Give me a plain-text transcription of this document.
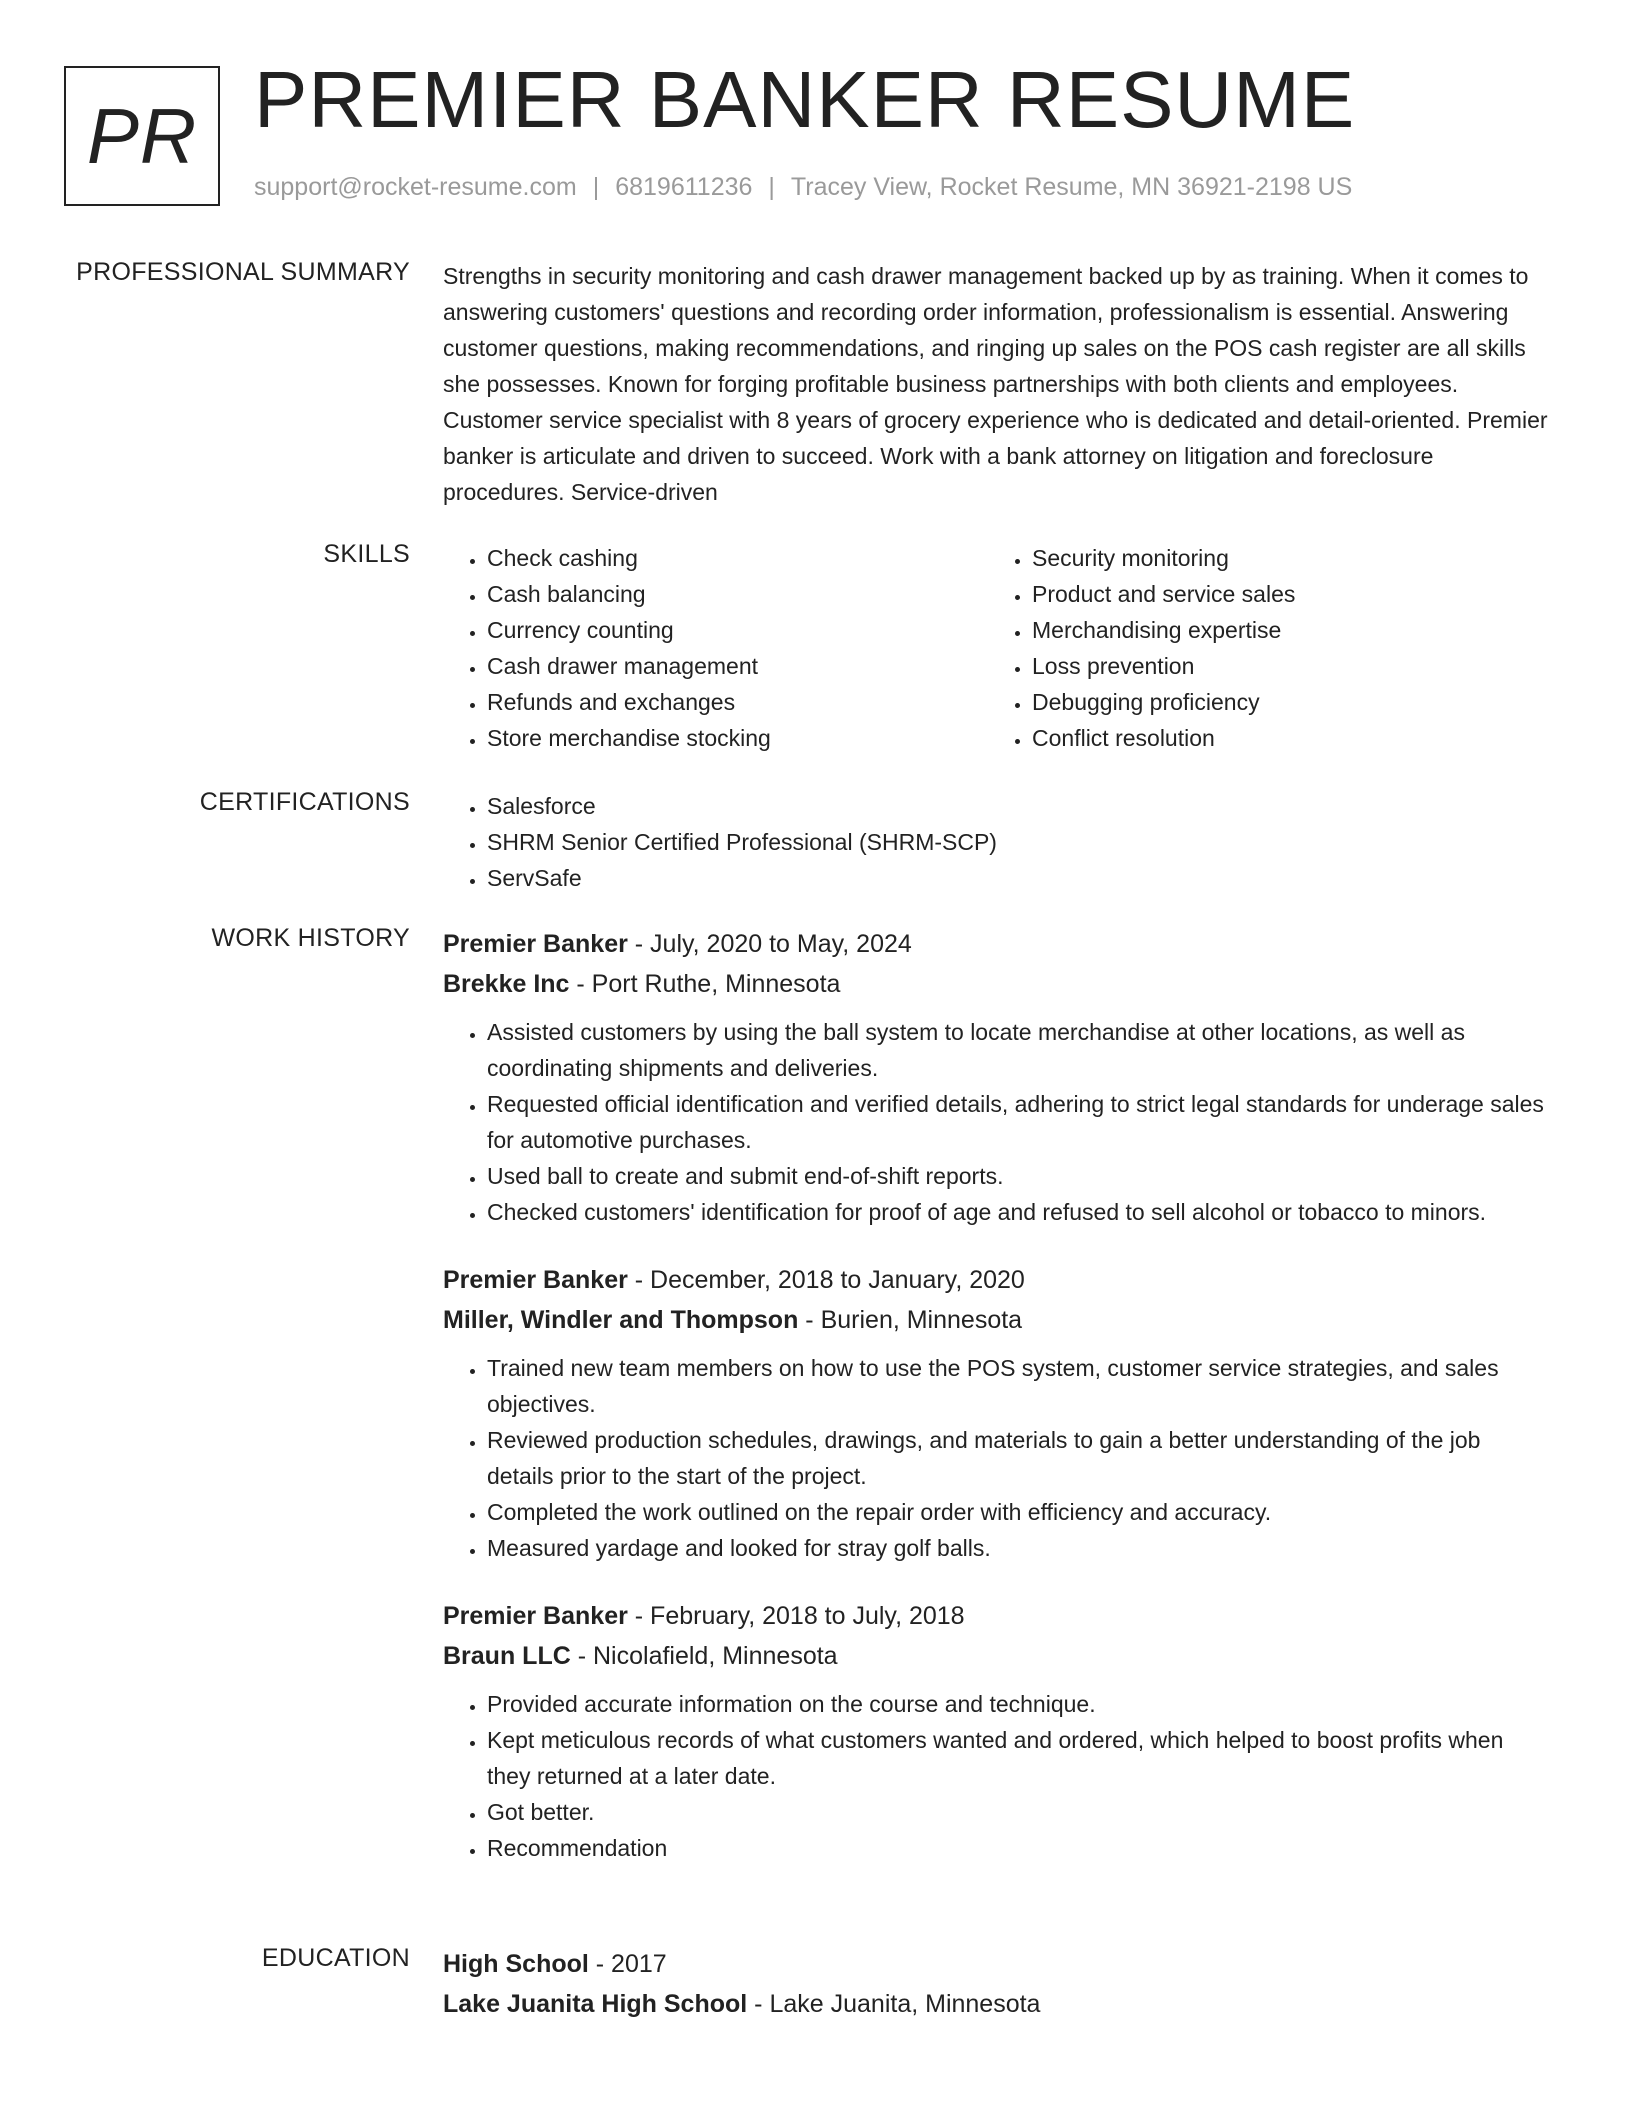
PR PREMIER BANKER RESUME
support@rocket-resume.com | 6819611236 | Tracey View, Rocket Resume, MN 36921-2198 US
PROFESSIONAL SUMMARY Strengths in security monitoring and cash drawer management backed up by as training. When it comes to answering customers' questions and recording order information, professionalism is essential. Answering customer questions, making recommendations, and ringing up sales on the POS cash register are all skills she possesses. Known for forging profitable business partnerships with both clients and employees. Customer service specialist with 8 years of grocery experience who is dedicated and detail-oriented. Premier banker is articulate and driven to succeed. Work with a bank attorney on litigation and foreclosure procedures. Service-driven

SKILLS	• Check cashing
• Cash balancing
• Currency counting
• Cash drawer management
• Refunds and exchanges
• Store merchandise stocking
• Security monitoring
• Product and service sales
• Merchandising expertise
• Loss prevention
• Debugging proficiency
• Conflict resolution
CERTIFICATIONS	• Salesforce
• SHRM Senior Certified Professional (SHRM-SCP)
• ServSafe
WORK HISTORY Premier Banker - July, 2020 to May, 2024
Brekke Inc - Port Ruthe, Minnesota
• Assisted customers by using the ball system to locate merchandise at other locations, as well as coordinating shipments and deliveries.
• Requested official identification and verified details, adhering to strict legal standards for underage sales for automotive purchases.
• Used ball to create and submit end-of-shift reports.
• Checked customers' identification for proof of age and refused to sell alcohol or tobacco to minors.
Premier Banker - December, 2018 to January, 2020
Miller, Windler and Thompson - Burien, Minnesota
• Trained new team members on how to use the POS system, customer service strategies, and sales objectives.
• Reviewed production schedules, drawings, and materials to gain a better understanding of the job details prior to the start of the project.
• Completed the work outlined on the repair order with efficiency and accuracy.
• Measured yardage and looked for stray golf balls.
Premier Banker - February, 2018 to July, 2018
Braun LLC - Nicolafield, Minnesota
• Provided accurate information on the course and technique.
• Kept meticulous records of what customers wanted and ordered, which helped to boost profits when they returned at a later date.
• Got better.
• Recommendation
EDUCATION High School - 2017
Lake Juanita High School - Lake Juanita, Minnesota
